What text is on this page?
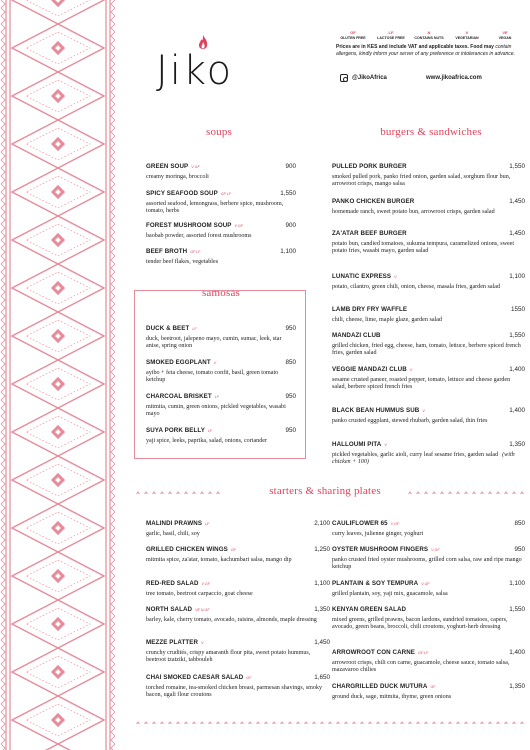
Jiko
GF
GLUTEN FREE
LF
LACTOSE FREE
N
CONTAINS NUTS
V
VEGETARIAN
VE
VEGAN
Prices are in KES and include VAT and applicable taxes. Food may contain allergens, kindly inform your server of any preference or intolerances in advance.
@JikoAfrica	www.jikoafrica.com
soups
GREEN SOUP V GF	900
creamy moringa, broccoli
SPICY SEAFOOD SOUP GF LF	1,550
assorted seafood, lemongrass, berbere spice, mushroom, tomato, herbs
FOREST MUSHROOM SOUP V GF	900
baobab powder, assorted forest mushrooms
BEEF BROTH GF LF	1,100
tender beef flakes, vegetables
samosas
DUCK & BEET LF	950
duck, beetroot, jalepeno mayo, cumin, sumac, leek, star anise, spring onion
SMOKED EGGPLANT V	850
ayibo + feta cheese, tomato confit, basil, green tomato ketchup
CHARCOAL BRISKET LF	950
mitmita, cumin, green onions, pickled vegetables, wasabi mayo
SUYA PORK BELLY LF	950
yaji spice, leeks, paprika, salad, onions, coriander
burgers & sandwiches
PULLED PORK BURGER	1,550
smoked pulled pork, panko fried onion, garden salad, sorghum flour bun, arrowroot crisps, mango salsa
PANKO CHICKEN BURGER	1,450
homemade ranch, sweet potato bun, arrowroot crisps, garden salad
ZA'ATAR BEEF BURGER	1,450
potato bun, candied tomatoes, sukuma tempura, caramelized onions, sweet potato fries, wasabi mayo, garden salad
LUNATIC EXPRESS V	1,100
potato, cilantro, green chili, onion, cheese, masala fries, garden salad
LAMB DRY FRY WAFFLE	1550
chili, cheese, lime, maple glaze, garden salad
MANDAZI CLUB	1,550
grilled chicken, fried egg, cheese, ham, tomato, lettuce, berbere spiced french fries, garden salad
VEGGIE MANDAZI CLUB V	1,400
sesame crusted paneer, roasted pepper, tomato, lettuce and cheese garden salad, berbere spiced french fries
BLACK BEAN HUMMUS SUB V	1,400
panko crusted eggplant, stewed rhubarb, garden salad, thin fries
HALLOUMI PITA V	1,350
pickled vegetables, garlic aioli, curry leaf sesame fries, garden salad (with chicken + 100)
starters & sharing plates
MALINDI PRAWNS LF	2,100
garlic, basil, chili, soy
GRILLED CHICKEN WINGS GF	1,250
mitmita spice, za'atar, tomato, kachumbari salsa, mango dip
RED-RED SALAD V GF	1,100
tree tomato, beetroot carpaccio, goat cheese
NORTH SALAD VE N GF	1,350
barley, kale, cherry tomato, avocado, raisins, almonds, maple dressing
MEZZE PLATTER V	1,450
crunchy crudités, crispy amaranth flour pita, sweet potato hummus, beetroot tzatziki, tabbouleh
CHAI SMOKED CAESAR SALAD GF	1,650
torched romaine, tea-smoked chicken breast, parmesan shavings, smoky bacon, ugali flour croutons
CAULIFLOWER 65 V GF	850
curry leaves, julienne ginger, yoghurt
OYSTER MUSHROOM FINGERS V GF	950
panko crusted fried oyster mushrooms, grilled corn salsa, raw and ripe mango ketchup
PLANTAIN & SOY TEMPURA V GF	1,100
grilled plantain, soy, yaji mix, guacamole, salsa
KENYAN GREEN SALAD	1,550
mixed greens, grilled prawns, bacon lardons, sundried tomatoes, capers, avocado, green beans, broccoli, chili croutons, yoghurt-herb dressing
ARROWROOT CON CARNE GF LF	1,400
arrowroot crisps, chili con carne, guacamole, cheese sauce, tomato salsa, mazavaroo chilies
CHARGRILLED DUCK MUTURA GF	1,350
ground duck, sage, mitmita, thyme, green onions
